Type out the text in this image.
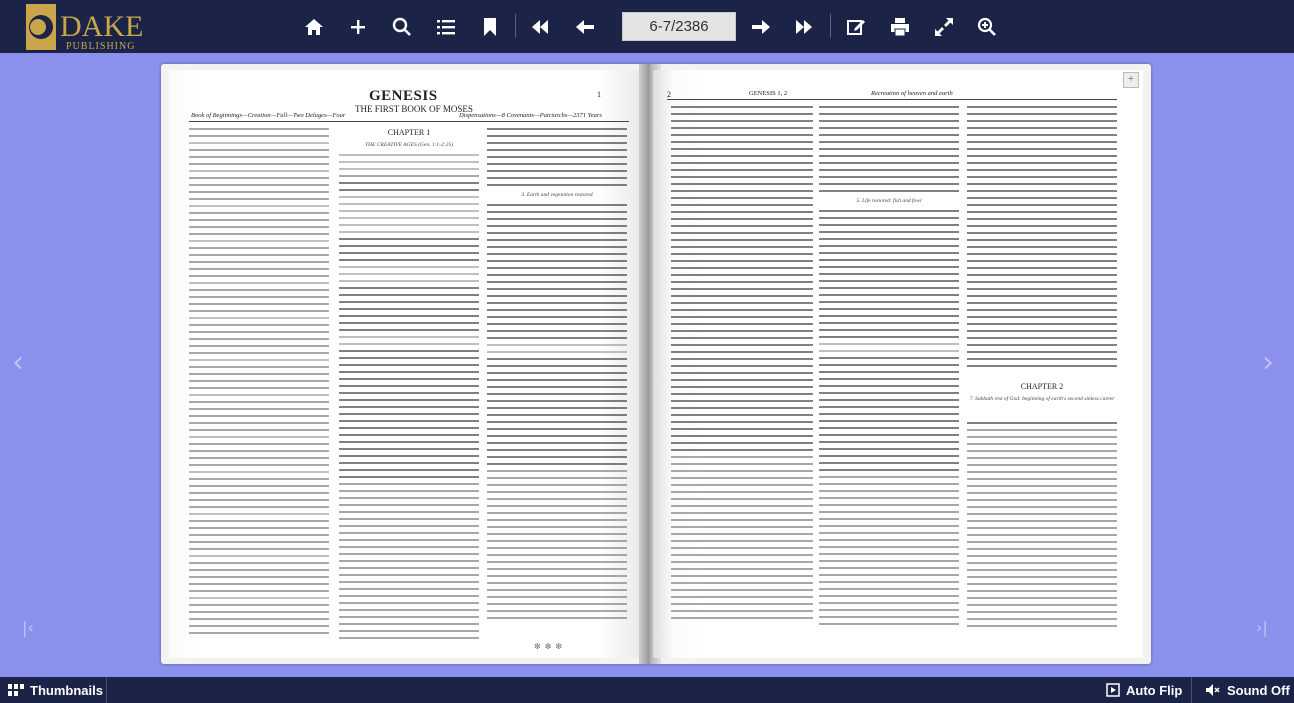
DAKE
PUBLISHING
6-7/2386
‹	›
|‹	›|
1
GENESIS
THE FIRST BOOK OF MOSES
Book of Beginnings—Creation—Fall—Two Deluges—Four	Dispensations—8 Covenants—Patriarchs—2371 Years
CHAPTER 1
THE CREATIVE AGES (Gen. 1:1-2:25)
3. Earth and vegetation restored
✼✼✼
2	GENESIS 1, 2	Recreation of heaven and earth
5. Life restored: fish and fowl
CHAPTER 2
7. Sabbath rest of God: beginning of earth's second sinless career
+
Thumbnails	Auto Flip	Sound Off
